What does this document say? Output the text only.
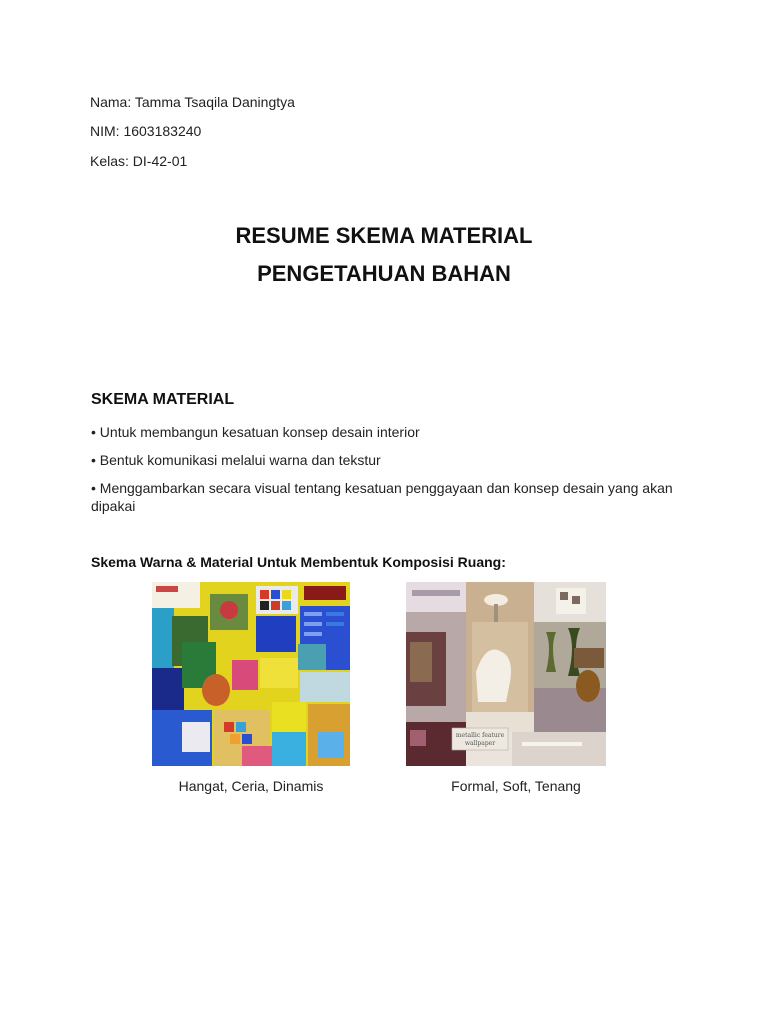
Nama: Tamma Tsaqila Daningtya
NIM: 1603183240
Kelas: DI-42-01
RESUME SKEMA MATERIAL
PENGETAHUAN BAHAN
SKEMA MATERIAL
• Untuk membangun kesatuan konsep desain interior
• Bentuk komunikasi melalui warna dan tekstur
• Menggambarkan secara visual tentang kesatuan penggayaan dan konsep desain yang akan dipakai
Skema Warna & Material Untuk Membentuk Komposisi Ruang:
metallic feature
wallpaper
Hangat, Ceria, Dinamis	Formal, Soft, Tenang
